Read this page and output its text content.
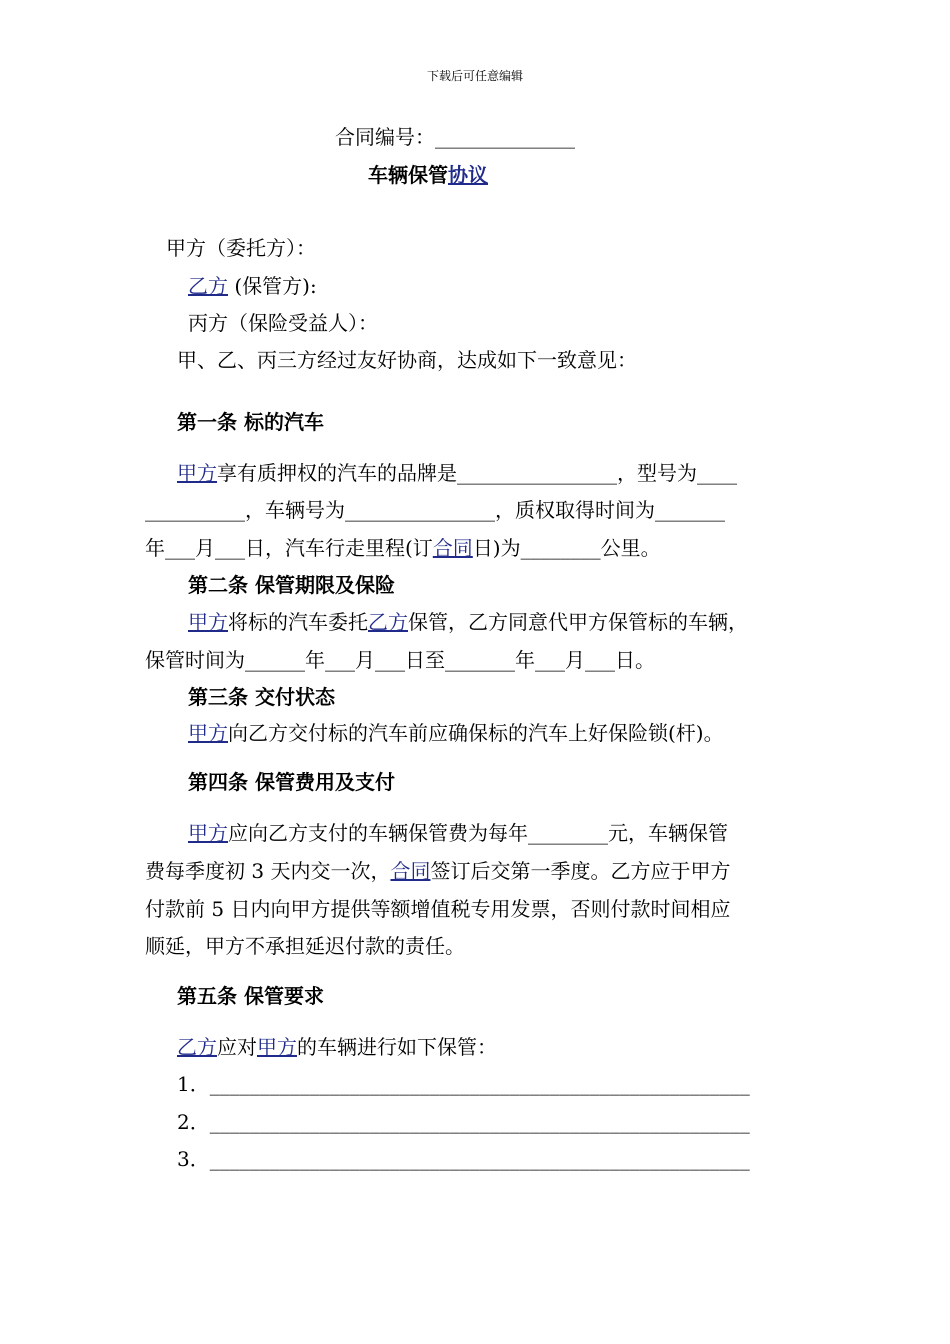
下载后可任意编辑
合同编号：______________
车辆保管协议
甲方（委托方）：
乙方 (保管方):
丙方（保险受益人）：
甲、乙、丙三方经过友好协商，达成如下一致意见：
第一条 标的汽车
甲方享有质押权的汽车的品牌是________________，型号为____
__________，车辆号为_______________，质权取得时间为_______
年___月___日，汽车行走里程(订合同日)为________公里。
第二条 保管期限及保险
甲方将标的汽车委托乙方保管，乙方同意代甲方保管标的车辆，
保管时间为______年___月___日至_______年___月___日。
第三条 交付状态
甲方向乙方交付标的汽车前应确保标的汽车上好保险锁(杆)。
第四条 保管费用及支付
甲方应向乙方支付的车辆保管费为每年________元，车辆保管
费每季度初 3 天内交一次，合同签订后交第一季度。乙方应于甲方
付款前 5 日内向甲方提供等额增值税专用发票，否则付款时间相应
顺延，甲方不承担延迟付款的责任。
第五条 保管要求
乙方应对甲方的车辆进行如下保管：
1．______________________________________________________
2．______________________________________________________
3．______________________________________________________
